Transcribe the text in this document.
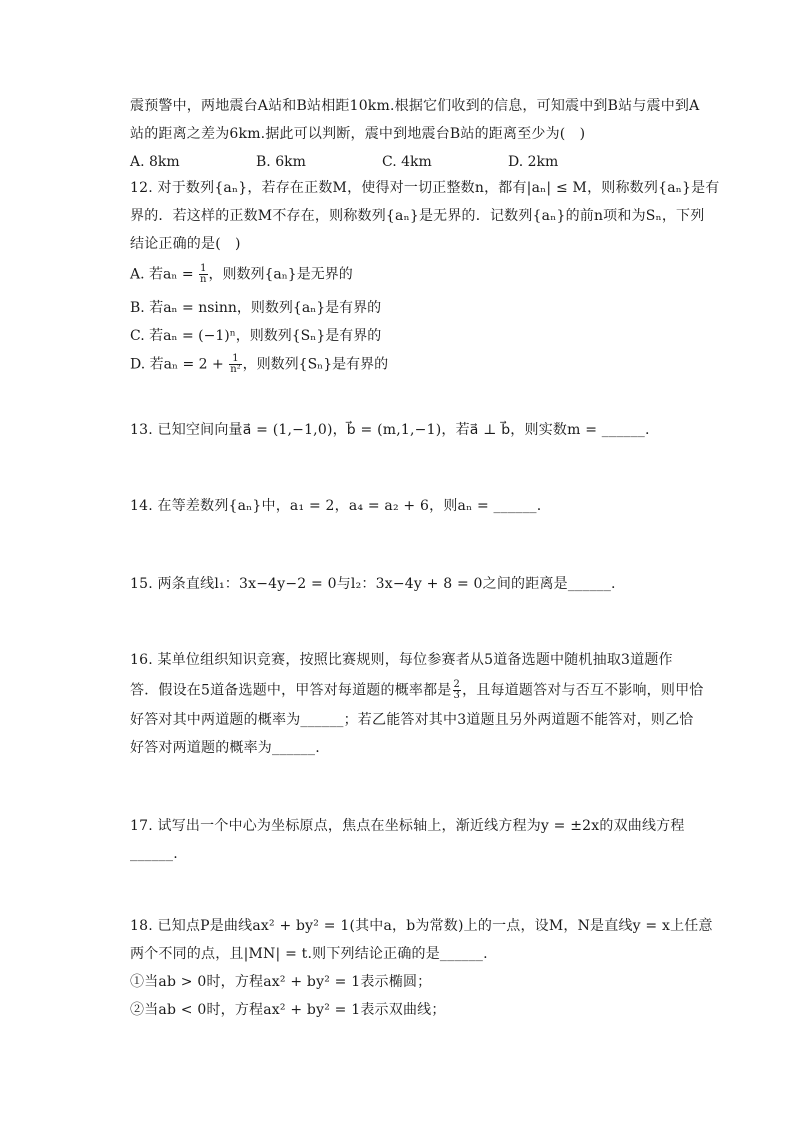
震预警中，两地震台A站和B站相距10km.根据它们收到的信息，可知震中到B站与震中到A
站的距离之差为6km.据此可以判断，震中到地震台B站的距离至少为(　)
A. 8km	B. 6km	C. 4km	D. 2km
12. 对于数列{aₙ}，若存在正数M，使得对一切正整数n，都有|aₙ| ≤ M，则称数列{aₙ}是有
界的．若这样的正数M不存在，则称数列{aₙ}是无界的．记数列{aₙ}的前n项和为Sₙ，下列
结论正确的是(　)
A. 若$a_n = \frac{1}{n}$ ，则数列{aₙ}是无界的
B. 若aₙ = nsinn，则数列{aₙ}是有界的
C. 若aₙ = (−1)ⁿ，则数列{Sₙ}是有界的
D. 若$a_n = 2 + \frac{1}{\text{n²}}$ ，则数列{Sₙ}是有界的
13. 已知空间向量a⃗ = (1,−1,0)，b⃗ = (m,1,−1)，若a⃗ ⊥ b⃗，则实数m = ______.
14. 在等差数列{aₙ}中，a₁ = 2，a₄ = a₂ + 6，则aₙ = ______.
15. 两条直线l₁：3x−4y−2 = 0与l₂：3x−4y + 8 = 0之间的距离是______.
16. 某单位组织知识竞赛，按照比赛规则，每位参赛者从5道备选题中随机抽取3道题作
答．假设在5道备选题中，甲答对每道题的概率都是 $\frac{2}{3}$ ，且每道题答对与否互不影响，则甲恰
好答对其中两道题的概率为______；若乙能答对其中3道题且另外两道题不能答对，则乙恰
好答对两道题的概率为______.
17. 试写出一个中心为坐标原点，焦点在坐标轴上，渐近线方程为y = ±2x的双曲线方程
______.
18. 已知点P是曲线ax² + by² = 1(其中a，b为常数)上的一点，设M，N是直线y = x上任意
两个不同的点，且|MN| = t.则下列结论正确的是______.
①当ab > 0时，方程ax² + by² = 1表示椭圆；
②当ab < 0时，方程ax² + by² = 1表示双曲线；
